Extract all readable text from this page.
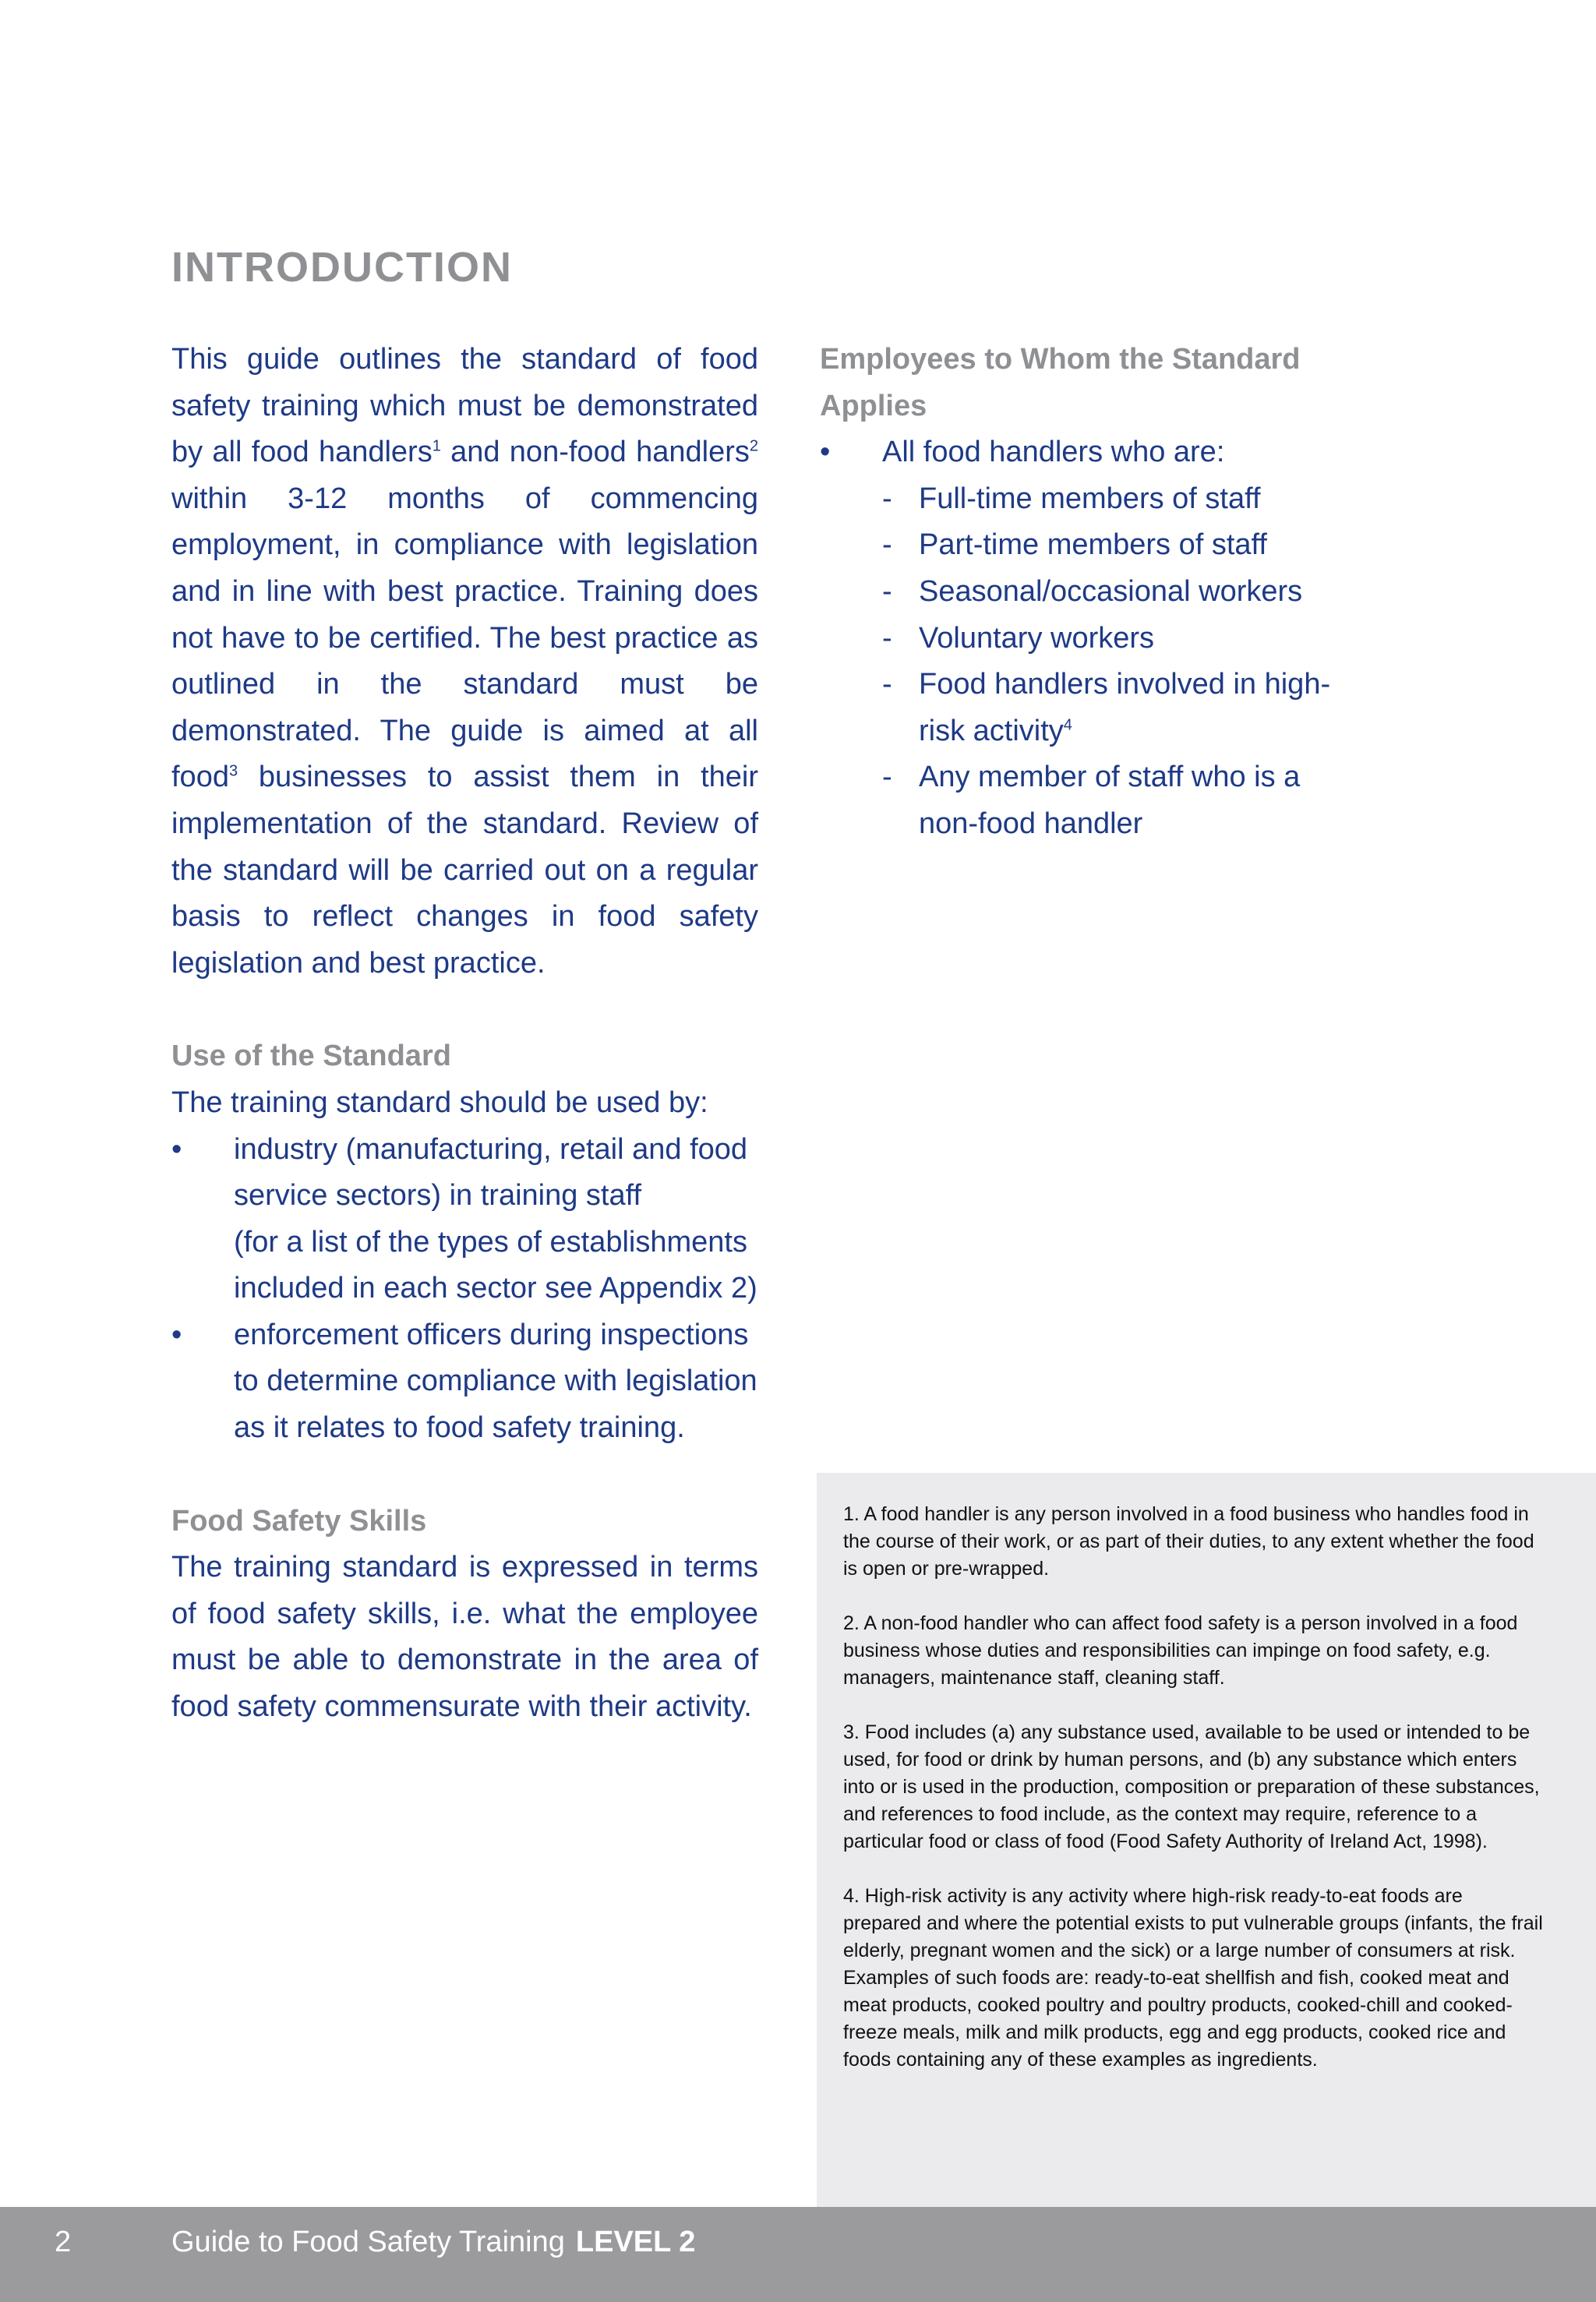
INTRODUCTION

This guide outlines the standard of food safety training which must be demonstrated by all food handlers$^1$ and non-food handlers$^2$ within 3-12 months of commencing employment, in compliance with legislation and in line with best practice. Training does not have to be certified. The best practice as outlined in the standard must be demonstrated. The guide is aimed at all food$^3$ businesses to assist them in their implementation of the standard. Review of the standard will be carried out on a regular basis to reflect changes in food safety legislation and best practice.

Use of the Standard

The training standard should be used by:

•	industry (manufacturing, retail and food service sectors) in training staff
(for a list of the types of establishments included in each sector see Appendix 2)
•	enforcement officers during inspections to determine compliance with legislation as it relates to food safety training.
Food Safety Skills

The training standard is expressed in terms of food safety skills, i.e. what the employee must be able to demonstrate in the area of food safety commensurate with their activity.

Employees to Whom the Standard Applies
•	All food handlers who are:
- Full-time members of staff
- Part-time members of staff
- Seasonal/occasional workers
- Voluntary workers
- Food handlers involved in high-risk activity$^4$
- Any member of staff who is a non-food handler

1. A food handler is any person involved in a food business who handles food in the course of their work, or as part of their duties, to any extent whether the food is open or pre-wrapped.

2. A non-food handler who can affect food safety is a person involved in a food business whose duties and responsibilities can impinge on food safety, e.g. managers, maintenance staff, cleaning staff.

3. Food includes (a) any substance used, available to be used or intended to be used, for food or drink by human persons, and (b) any substance which enters into or is used in the production, composition or preparation of these substances, and references to food include, as the context may require, reference to a particular food or class of food (Food Safety Authority of Ireland Act, 1998).

4. High-risk activity is any activity where high-risk ready-to-eat foods are prepared and where the potential exists to put vulnerable groups (infants, the frail elderly, pregnant women and the sick) or a large number of consumers at risk. Examples of such foods are: ready-to-eat shellfish and fish, cooked meat and meat products, cooked poultry and poultry products, cooked-chill and cooked-freeze meals, milk and milk products, egg and egg products, cooked rice and foods containing any of these examples as ingredients.

2	Guide to Food Safety Training LEVEL 2
